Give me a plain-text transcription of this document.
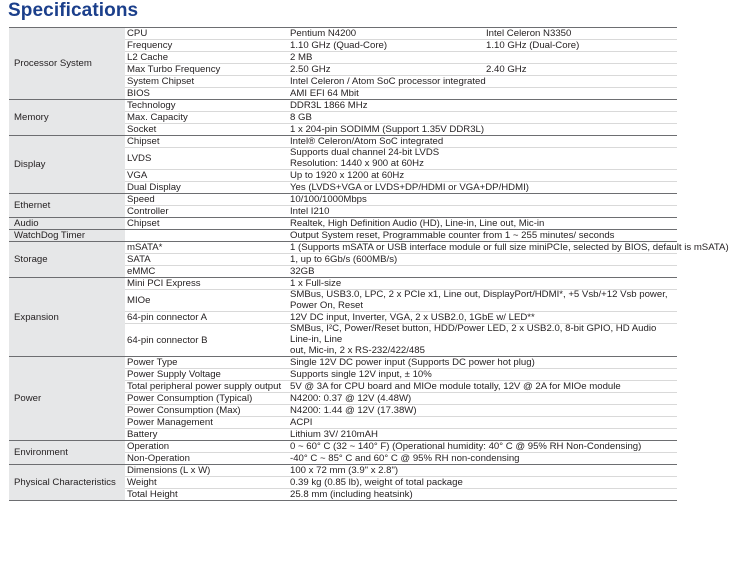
Specifications
Processor System	CPU	Pentium N4200	Intel Celeron N3350
	Frequency	1.10 GHz (Quad-Core)	1.10 GHz (Dual-Core)
	L2 Cache	2 MB	
	Max Turbo Frequency	2.50 GHz	2.40 GHz
	System Chipset	Intel Celeron / Atom SoC processor integrated	
	BIOS	AMI EFI 64 Mbit	
Memory	Technology	DDR3L 1866 MHz	
	Max. Capacity	8 GB	
	Socket	1 x 204-pin SODIMM (Support 1.35V DDR3L)	
Display	Chipset	Intel® Celeron/Atom SoC integrated	
	LVDS	Supports dual channel 24-bit LVDS
Resolution: 1440 x 900 at 60Hz	
	VGA	Up to 1920 x 1200 at 60Hz	
	Dual Display	Yes (LVDS+VGA or LVDS+DP/HDMI or VGA+DP/HDMI)	
Ethernet	Speed	10/100/1000Mbps	
	Controller	Intel I210	
Audio	Chipset	Realtek, High Definition Audio (HD), Line-in, Line out, Mic-in	
WatchDog Timer		Output System reset, Programmable counter from 1 ~ 255 minutes/ seconds	
Storage	mSATA*	1 (Supports mSATA or USB interface module or full size miniPCIe, selected by BIOS, default is mSATA)	
	SATA	1, up to 6Gb/s (600MB/s)	
	eMMC	32GB	
Expansion	Mini PCI Express	1 x Full-size	
	MIOe	SMBus, USB3.0, LPC, 2 x PCIe x1, Line out, DisplayPort/HDMI*, +5 Vsb/+12 Vsb power,
Power On, Reset	
	64-pin connector A	12V DC input, Inverter, VGA, 2 x USB2.0, 1GbE w/ LED**	
	64-pin connector B	SMBus, I²C, Power/Reset button, HDD/Power LED, 2 x USB2.0, 8-bit GPIO, HD Audio Line-in, Line
out, Mic-in, 2 x RS-232/422/485	
Power	Power Type	Single 12V DC power input (Supports DC power hot plug)	
	Power Supply Voltage	Supports single 12V input, ± 10%	
	Total peripheral power supply output	5V @ 3A for CPU board and MIOe module totally, 12V @ 2A for MIOe module	
	Power Consumption (Typical)	N4200: 0.37 @ 12V (4.48W)	
	Power Consumption (Max)	N4200: 1.44 @ 12V (17.38W)	
	Power Management	ACPI	
	Battery	Lithium 3V/ 210mAH	
Environment	Operation	0 ~ 60° C (32 ~ 140° F) (Operational humidity: 40° C @ 95% RH Non-Condensing)	
	Non-Operation	-40° C ~ 85° C and 60° C @ 95% RH non-condensing	
Physical Characteristics	Dimensions (L x W)	100 x 72 mm (3.9" x 2.8")	
	Weight	0.39 kg (0.85 lb), weight of total package	
	Total Height	25.8 mm (including heatsink)	
